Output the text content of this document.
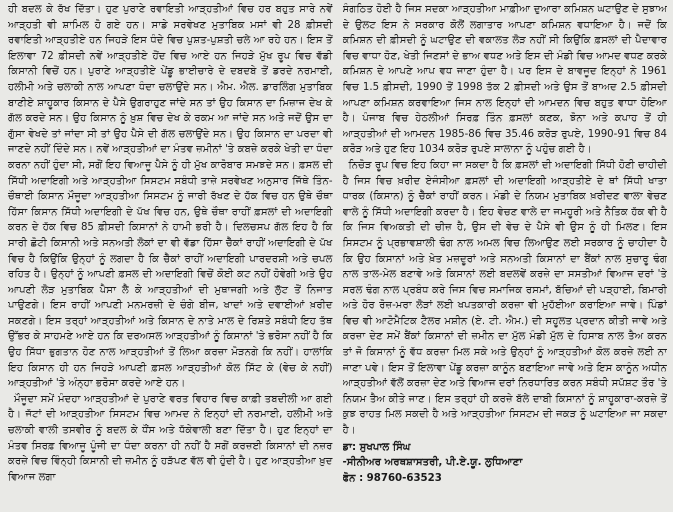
ਹੀ ਬਦਲ ਕੇ ਰੱਖ ਦਿੱਤਾ। ਹੁਣ ਪੁਰਾਣੇ ਰਵਾਇਤੀ ਆੜ੍ਹਤੀਆਂ ਵਿਚ ਹਰ ਬਹੁਤ ਸਾਰੇ ਨਵੇਂ ਆੜ੍ਹਤੀ ਵੀ ਸ਼ਾਮਿਲ ਹੋ ਗਏ ਹਨ। ਸਾਡੇ ਸਰਵੇਖਣ ਮੁਤਾਬਿਕ ਮਸਾਂ ਵੀ 28 ਫ਼ੀਸਦੀ ਰਵਾਇਤੀ ਆੜ੍ਹਤੀਏ ਹਨ ਜਿਹੜੇ ਇਸ ਧੰਦੇ ਵਿਚ ਪੁਸ਼ਤ-ਪੁਸ਼ਤੀ ਚਲੇ ਆ ਰਹੇ ਹਨ। ਇਸ ਤੋਂ ਇਲਾਵਾ 72 ਫ਼ੀਸਦੀ ਨਵੇਂ ਆੜ੍ਹਤੀਏ ਹੋਂਦ ਵਿਚ ਆਏ ਹਨ ਜਿਹੜੇ ਮੁੱਖ ਰੂਪ ਵਿਚ ਵੱਡੀ ਕਿਸਾਨੀ ਵਿਚੋਂ ਹਨ। ਪੁਰਾਣੇ ਆੜ੍ਹਤੀਏ ਪੇਂਡੂ ਭਾਈਚਾਰੇ ਦੇ ਦਬਦਬੇ ਤੋਂ ਡਰਦੇ ਨਰਮਾਈ, ਹਲੀਮੀ ਅਤੇ ਚਲਾਕੀ ਨਾਲ ਆਪਣਾ ਧੰਦਾ ਚਲਾਉਂਦੇ ਸਨ। ਐਮ. ਐਲ. ਡਾਰਲਿੰਗ ਮੁਤਾਬਿਕ ਬਾਣੀਏ ਸ਼ਾਹੂਕਾਰ ਕਿਸਾਨ ਦੇ ਪੈਸੇ ਉਗਰਾਹੁਣ ਜਾਂਦੇ ਸਨ ਤਾਂ ਉਹ ਕਿਸਾਨ ਦਾ ਮਿਜ਼ਾਜ ਦੇਖ ਕੇ ਗੱਲ ਕਰਦੇ ਸਨ। ਉਹ ਕਿਸਾਨ ਨੂੰ ਖ਼ੁਸ਼ ਵਿਚ ਦੇਖ ਕੇ ਰਕਮ ਆ ਜਾਂਦੇ ਸਨ ਅਤੇ ਜਦੋਂ ਉਸ ਦਾ ਗੁੱਸਾ ਵੇਖਦੇ ਤਾਂ ਜਾਂਦਾ ਸੀ ਤਾਂ ਉਹ ਪੈਸੇ ਦੀ ਗੱਲ ਚਲਾਉਂਦੇ ਸਨ। ਉਹ ਕਿਸਾਨ ਦਾ ਪਰਦਾ ਵੀ ਜਾਣਦੇ ਨਹੀਂ ਦਿੰਦੇ ਸਨ। ਨਵੇਂ ਆੜ੍ਹਤੀਆਂ ਦਾ ਮੰਤਵ ਜ਼ਮੀਨਾਂ 'ਤੇ ਕਬਜ਼ੇ ਕਰਕੇ ਖੇਤੀ ਦਾ ਧੰਦਾ ਕਰਨਾ ਨਹੀਂ ਹੁੰਦਾ ਸੀ, ਸਗੋਂ ਇਹ ਵਿਆਜੂ ਪੈਸੇ ਨੂੰ ਹੀ ਮੁੱਖ ਕਾਰੋਬਾਰ ਸਮਝਦੇ ਸਨ। ਫ਼ਸਲ ਦੀ ਸਿੱਧੀ ਅਦਾਇਗੀ ਅਤੇ ਆੜ੍ਹਤੀਆ ਸਿਸਟਮ ਸਬੰਧੀ ਤਾਜ਼ੇ ਸਰਵੇਖਣ ਅਨੁਸਾਰ ਜਿੱਥੇ ਤਿੰਨ-ਚੌਥਾਈ ਕਿਸਾਨ ਮੌਜੂਦਾ ਆੜ੍ਹਤੀਆ ਸਿਸਟਮ ਨੂੰ ਜਾਰੀ ਰੱਖਣ ਦੇ ਹੱਕ ਵਿਚ ਹਨ ਉਥੇ ਚੌਥਾ ਹਿੱਸਾ ਕਿਸਾਨ ਸਿੱਧੀ ਅਦਾਇਗੀ ਦੇ ਪੱਖ ਵਿਚ ਹਨ, ਉਥੇ ਚੌਥਾ ਰਾਹੀਂ ਫ਼ਸਲਾਂ ਦੀ ਅਦਾਇਗੀ ਕਰਨ ਦੇ ਹੱਕ ਵਿਚ 85 ਫ਼ੀਸਦੀ ਕਿਸਾਨਾਂ ਨੇ ਹਾਮੀ ਭਰੀ ਹੈ। ਦਿਲਚਸਪ ਗੱਲ ਇਹ ਹੈ ਕਿ ਸਾਰੀ ਛੋਟੀ ਕਿਸਾਨੀ ਅਤੇ ਸਨਅਤੀ ਲੋਕਾਂ ਦਾ ਵੀ ਵੱਡਾ ਹਿੱਸਾ ਚੈੱਕਾਂ ਰਾਹੀਂ ਅਦਾਇਗੀ ਦੇ ਪੱਖ ਵਿਚ ਹੈ ਕਿਉਂਕਿ ਉਨ੍ਹਾਂ ਨੂੰ ਲਗਦਾ ਹੈ ਕਿ ਚੈੱਕਾਂ ਰਾਹੀਂ ਅਦਾਇਗੀ ਪਾਰਦਰਸ਼ੀ ਅਤੇ ਚਪਲ ਰਹਿਤ ਹੈ। ਉਨ੍ਹਾਂ ਨੂੰ ਆਪਣੀ ਫ਼ਸਲ ਦੀ ਅਦਾਇਗੀ ਵਿਚੋਂ ਕੋਈ ਕਟ ਨਹੀਂ ਹੋਵੇਗੀ ਅਤੇ ਉਹ ਆਪਣੀ ਲੋੜ ਮੁਤਾਬਿਕ ਪੈਸਾ ਲੈ ਕੇ ਆੜ੍ਹਤੀਆਂ ਦੀ ਮੁਥਾਜਗੀ ਅਤੇ ਲੁੱਟ ਤੋਂ ਨਿਜਾਤ ਪਾਉਣਗੇ। ਇਸ ਰਾਹੀਂ ਆਪਣੀ ਮਨਮਰਜ਼ੀ ਦੇ ਚੰਗੇ ਬੀਜ, ਖਾਦਾਂ ਅਤੇ ਦਵਾਈਆਂ ਖ਼ਰੀਦ ਸਕਣਗੇ। ਇਸ ਤਰ੍ਹਾਂ ਆੜ੍ਹਤੀਆਂ ਅਤੇ ਕਿਸਾਨ ਦੇ ਨਾਤੇ ਮਾਲ ਦੇ ਰਿਸ਼ਤੇ ਸਬੰਧੀ ਇਹ ਤੱਥ ਉੱਭਰ ਕੇ ਸਾਹਮਣੇ ਆਏ ਹਨ ਕਿ ਦਰਅਸਲ ਆੜ੍ਹਤੀਆਂ ਨੂੰ ਕਿਸਾਨਾਂ 'ਤੇ ਭਰੋਸਾ ਨਹੀਂ ਹੈ ਕਿ ਉਹ ਸਿੱਧਾ ਭੁਗਤਾਨ ਹੋਣ ਨਾਲ ਆੜ੍ਹਤੀਆਂ ਤੋਂ ਲਿਆ ਕਰਜ਼ਾ ਮੋੜਨਗੇ ਕਿ ਨਹੀਂ। ਹਾਲਾਂਕਿ ਇਹ ਕਿਸਾਨ ਹੀ ਹਨ ਜਿਹੜੇ ਆਪਣੀ ਫ਼ਸਲ ਆੜ੍ਹਤੀਆਂ ਕੋਲ ਸਿੱਟ ਕੇ (ਵੇਚ ਕੇ ਨਹੀਂ) ਆੜ੍ਹਤੀਆਂ 'ਤੇ ਅੰਨ੍ਹਾ ਭਰੋਸਾ ਕਰਦੇ ਆਏ ਹਨ।

ਮੌਜੂਦਾ ਸਮੇਂ ਮੰਦਹਾ ਆੜ੍ਹਤੀਆਂ ਦੇ ਪੁਰਾਣੇ ਵਰਤ ਵਿਹਾਰ ਵਿਚ ਕਾਫ਼ੀ ਤਬਦੀਲੀ ਆ ਗਈ ਹੈ। ਜੱਟਾਂ ਦੀ ਆੜ੍ਹਤੀਆ ਸਿਸਟਮ ਵਿਚ ਆਮਦ ਨੇ ਇਨ੍ਹਾਂ ਦੀ ਨਰਮਾਈ, ਹਲੀਮੀ ਅਤੇ ਚਲਾਕੀ ਵਾਲੀ ਤਸਵੀਰ ਨੂੰ ਬਦਲ ਕੇ ਧੌਂਸ ਅਤੇ ਧੱਕੇਵਾਲੀ ਬਣਾ ਦਿੱਤਾ ਹੈ। ਹੁਣ ਇਨ੍ਹਾਂ ਦਾ ਮੰਤਵ ਸਿਰਫ਼ ਵਿਆਜੂ ਪੂੰਜੀ ਦਾ ਧੰਦਾ ਕਰਨਾ ਹੀ ਨਹੀਂ ਹੈ ਸਗੋਂ ਕਰਜ਼ਈ ਕਿਸਾਨਾਂ ਦੀ ਨਜ਼ਰ ਕਰਜ਼ੇ ਵਿਚ ਵਿੰਨ੍ਹੀ ਕਿਸਾਨੀ ਦੀ ਜ਼ਮੀਨ ਨੂੰ ਹੜੱਪਣ ਵੱਲ ਵੀ ਹੁੰਦੀ ਹੈ। ਹੁਣ ਆੜ੍ਹਤੀਆ ਖ਼ੁਦ ਵਿਆਜ ਲਗਾ

ਸੰਗਠਿਤ ਹੋਈ ਹੈ ਜਿਸ ਸਦਕਾ ਆੜ੍ਹਤੀਆ ਮਾਫ਼ੀਆ ਦੁਆਰਾ ਕਮਿਸ਼ਨ ਘਟਾਉਣ ਦੇ ਸੁਝਾਅ ਦੇ ਉਲਟ ਇਸ ਨੇ ਸਰਕਾਰ ਕੋਲੋਂ ਲਗਾਤਾਰ ਆਪਣਾ ਕਮਿਸ਼ਨ ਵਧਾਇਆ ਹੈ। ਜਦੋਂ ਕਿ ਕਮਿਸ਼ਨ ਦੀ ਫ਼ੀਸਦੀ ਨੂੰ ਘਟਾਉਣ ਦੀ ਵਕਾਲਤ ਲੋੜ ਨਹੀਂ ਸੀ ਕਿਉਂਕਿ ਫ਼ਸਲਾਂ ਦੀ ਪੈਦਾਵਾਰ ਵਿਚ ਵਾਧਾ ਹੋਣ, ਖੇਤੀ ਜਿਣਸਾਂ ਦੇ ਭਾਅ ਵਧਣ ਅਤੇ ਇਸ ਦੀ ਮੰਡੀ ਵਿਚ ਆਮਦ ਵਧਣ ਕਰਕੇ ਕਮਿਸ਼ਨ ਦੇ ਆਪਣੇ ਆਪ ਵਧ ਜਾਣਾ ਹੁੰਦਾ ਹੈ। ਪਰ ਇਸ ਦੇ ਬਾਵਜੂਦ ਇਨ੍ਹਾਂ ਨੇ 1961 ਵਿਚ 1.5 ਫ਼ੀਸਦੀ, 1990 ਤੋਂ 1998 ਤੱਕ 2 ਫ਼ੀਸਦੀ ਅਤੇ ਉਸ ਤੋਂ ਬਾਅਦ 2.5 ਫ਼ੀਸਦੀ ਆਪਣਾ ਕਮਿਸ਼ਨ ਕਰਵਾਇਆ ਜਿਸ ਨਾਲ ਇਨ੍ਹਾਂ ਦੀ ਆਮਦਨ ਵਿਚ ਬਹੁਤ ਵਾਧਾ ਹੋਇਆ ਹੈ। ਪੰਜਾਬ ਵਿਚ ਹੇਠਲੀਆਂ ਸਿਰਫ਼ ਤਿੰਨ ਫ਼ਸਲਾਂ ਕਣਕ, ਝੋਨਾ ਅਤੇ ਕਪਾਹ ਤੋਂ ਹੀ ਆੜ੍ਹਤੀਆਂ ਦੀ ਆਮਦਨ 1985-86 ਵਿਚ 35.46 ਕਰੋੜ ਰੁਪਏ, 1990-91 ਵਿਚ 84 ਕਰੋੜ ਅਤੇ ਹੁਣ ਇਹ 1034 ਕਰੋੜ ਰੁਪਏ ਸਾਲਾਨਾ ਨੂੰ ਪਹੁੰਚ ਗਈ ਹੈ।

ਨਿਚੋੜ ਰੂਪ ਵਿਚ ਇਹ ਕਿਹਾ ਜਾ ਸਕਦਾ ਹੈ ਕਿ ਫ਼ਸਲਾਂ ਦੀ ਅਦਾਇਗੀ ਸਿੱਧੀ ਹੋਣੀ ਚਾਹੀਦੀ ਹੈ ਜਿਸ ਵਿਚ ਖ਼ਰੀਦ ਏਜੰਸੀਆ ਫ਼ਸਲਾਂ ਦੀ ਅਦਾਇਗੀ ਆੜ੍ਹਤੀਏ ਦੇ ਥਾਂ ਸਿੱਧੀ ਖਾਤਾ ਧਾਰਕ (ਕਿਸਾਨ) ਨੂੰ ਚੈੱਕਾਂ ਰਾਹੀਂ ਕਰਨ। ਮੰਡੀ ਦੇ ਨਿਯਮ ਮੁਤਾਬਿਕ ਖ਼ਰੀਦਣ ਵਾਲਾ ਵੇਚਣ ਵਾਲੇ ਨੂੰ ਸਿੱਧੀ ਅਦਾਇਗੀ ਕਰਦਾ ਹੈ। ਇਹ ਵੇਚਣ ਵਾਲੇ ਦਾ ਜਮਹੂਰੀ ਅਤੇ ਨੈਤਿਕ ਹੱਕ ਵੀ ਹੈ ਕਿ ਜਿਸ ਵਿਅਕਤੀ ਦੀ ਚੀਜ਼ ਹੈ, ਉਸ ਦੀ ਵੇਚ ਦੇ ਪੈਸੇ ਵੀ ਉਸ ਨੂੰ ਹੀ ਮਿਲਣ। ਇਸ ਸਿਸਟਮ ਨੂੰ ਪ੍ਰਭਾਵਸ਼ਾਲੀ ਢੰਗ ਨਾਲ ਅਮਲ ਵਿਚ ਲਿਆਉਣ ਲਈ ਸਰਕਾਰ ਨੂੰ ਚਾਹੀਦਾ ਹੈ ਕਿ ਉਹ ਕਿਸਾਨਾਂ ਅਤੇ ਖ਼ੇਤ ਮਜ਼ਦੂਰਾਂ ਅਤੇ ਸਨਅਤੀ ਕਿਸਾਨਾਂ ਦਾ ਬੈਂਕਾਂ ਨਾਲ ਸੁਚਾਰੂ ਢੰਗ ਨਾਲ ਤਾਲ-ਮੇਲ ਬਣਾਵੇ ਅਤੇ ਕਿਸਾਨਾਂ ਲਈ ਬਦਲਵੇਂ ਕਰਜ਼ੇ ਦਾ ਸਸਤੀਆਂ ਵਿਆਜ ਦਰਾਂ 'ਤੇ ਸਰਲ ਢੰਗ ਨਾਲ ਪ੍ਰਬੰਧ ਕਰੇ ਜਿਸ ਵਿਚ ਸਮਾਜਿਕ ਰਸਮਾਂ, ਬੱਚਿਆਂ ਦੀ ਪੜ੍ਹਾਈ, ਬਿਮਾਰੀ ਅਤੇ ਹੋਰ ਰੋਜ਼-ਮਰਾ ਲੋੜਾਂ ਲਈ ਖਪਤਕਾਰੀ ਕਰਜ਼ਾ ਵੀ ਮੁਹੱਈਆ ਕਰਾਇਆ ਜਾਵੇ। ਪਿੰਡਾਂ ਵਿਚ ਵੀ ਆਟੋਮੈਟਿਕ ਟੈਲਰ ਮਸ਼ੀਨ (ਏ. ਟੀ. ਐਮ.) ਦੀ ਸਹੂਲਤ ਪ੍ਰਦਾਨ ਕੀਤੀ ਜਾਵੇ ਅਤੇ ਕਰਜ਼ਾ ਦੇਣ ਸਮੇਂ ਬੈਂਕਾਂ ਕਿਸਾਨਾਂ ਦੀ ਜ਼ਮੀਨ ਦਾ ਮੁੱਲ ਮੰਡੀ ਮੁੱਲ ਦੇ ਹਿਸਾਬ ਨਾਲ ਤੈਅ ਕਰਨ ਤਾਂ ਜੋ ਕਿਸਾਨਾਂ ਨੂੰ ਵੱਧ ਕਰਜ਼ਾ ਮਿਲ ਸਕੇ ਅਤੇ ਉਨ੍ਹਾਂ ਨੂੰ ਆੜ੍ਹਤੀਆਂ ਕੋਲ ਕਰਜ਼ੇ ਲਈ ਨਾ ਜਾਣਾ ਪਵੇ। ਇਸ ਤੋਂ ਇਲਾਵਾ ਪੇਂਡੂ ਕਰਜ਼ਾ ਕਾਨੂੰਨ ਬਣਾਇਆ ਜਾਵੇ ਅਤੇ ਇਸ ਕਾਨੂੰਨ ਅਧੀਨ ਆੜ੍ਹਤੀਆਂ ਵੱਲੋਂ ਕਰਜ਼ਾ ਦੇਣ ਅਤੇ ਵਿਆਜ ਦਰਾਂ ਨਿਰਧਾਰਿਤ ਕਰਨ ਸਬੰਧੀ ਸਪੱਸ਼ਟ ਤੌਰ 'ਤੇ ਨਿਯਮ ਤੈਅ ਕੀਤੇ ਜਾਣ। ਇਸ ਤਰ੍ਹਾਂ ਹੀ ਕਰਜ਼ੇ ਬੱਲੇ ਦਾਬੀ ਕਿਸਾਨਾਂ ਨੂੰ ਸ਼ਾਹੂਕਾਰਾ-ਕਰਜ਼ੇ ਤੋਂ ਕੁਝ ਰਾਹਤ ਮਿਲ ਸਕਦੀ ਹੈ ਅਤੇ ਆੜ੍ਹਤੀਆ ਸਿਸਟਮ ਦੀ ਜਕੜ ਨੂੰ ਘਟਾਇਆ ਜਾ ਸਕਦਾ ਹੈ।

ਡਾ: ਸੁਖਪਾਲ ਸਿੰਘ
-ਸੀਨੀਅਰ ਅਰਥਸ਼ਾਸਤਰੀ, ਪੀ.ਏ.ਯੂ. ਲੁਧਿਆਣਾ
ਫੋਨ : 98760-63523
